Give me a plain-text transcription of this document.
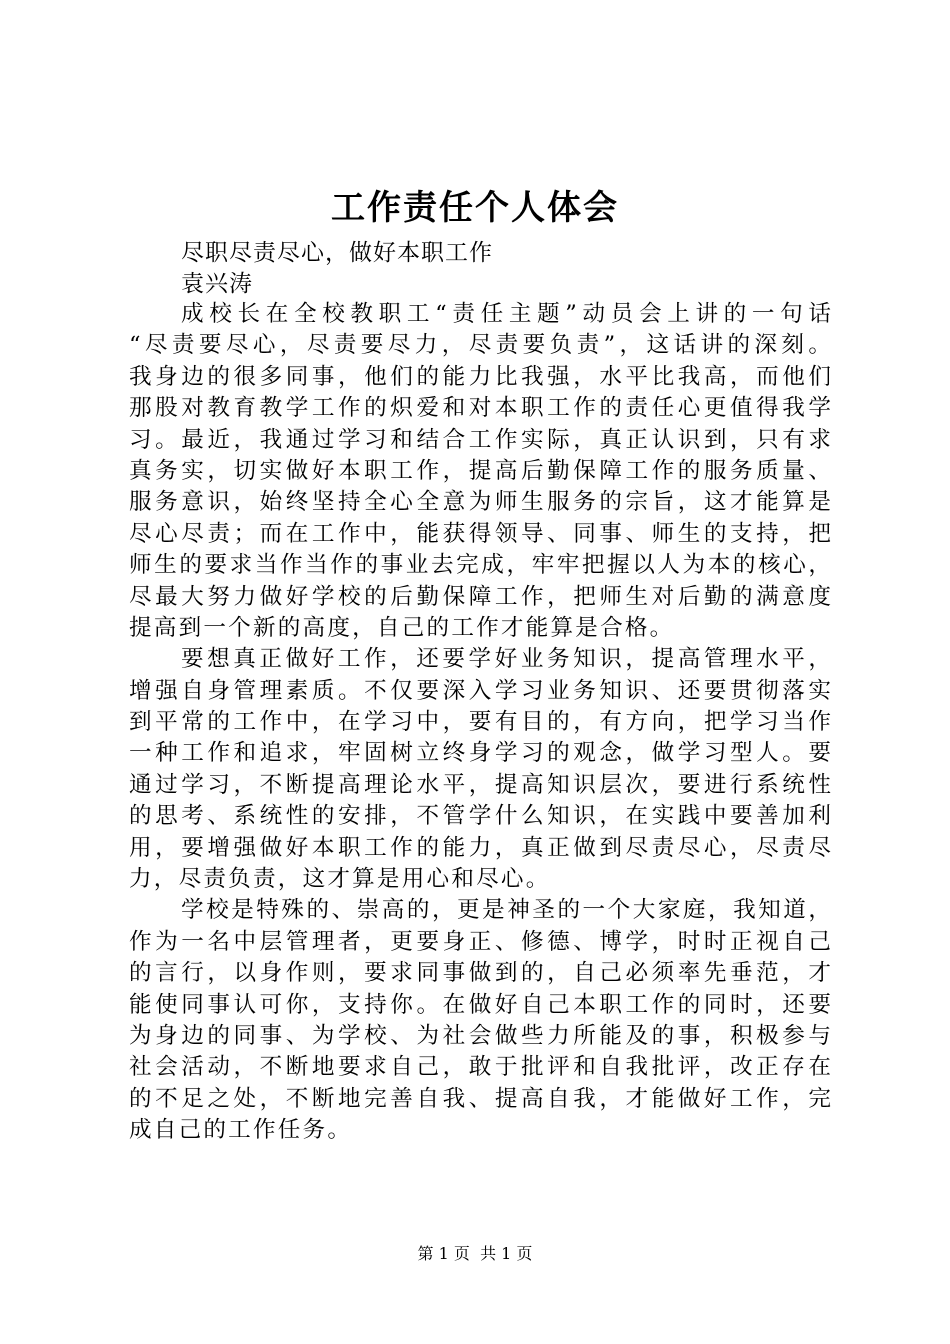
工作责任个人体会
尽职尽责尽心，做好本职工作
袁兴涛
成校长在全校教职工“责任主题”动员会上讲的一句话
“尽责要尽心，尽责要尽力，尽责要负责”，这话讲的深刻。
我身边的很多同事，他们的能力比我强，水平比我高，而他们
那股对教育教学工作的炽爱和对本职工作的责任心更值得我学
习。最近，我通过学习和结合工作实际，真正认识到，只有求
真务实，切实做好本职工作，提高后勤保障工作的服务质量、
服务意识，始终坚持全心全意为师生服务的宗旨，这才能算是
尽心尽责；而在工作中，能获得领导、同事、师生的支持，把
师生的要求当作当作的事业去完成，牢牢把握以人为本的核心，
尽最大努力做好学校的后勤保障工作，把师生对后勤的满意度
提高到一个新的高度，自己的工作才能算是合格。
要想真正做好工作，还要学好业务知识，提高管理水平，
增强自身管理素质。不仅要深入学习业务知识、还要贯彻落实
到平常的工作中，在学习中，要有目的，有方向，把学习当作
一种工作和追求，牢固树立终身学习的观念，做学习型人。要
通过学习，不断提高理论水平，提高知识层次，要进行系统性
的思考、系统性的安排，不管学什么知识，在实践中要善加利
用，要增强做好本职工作的能力，真正做到尽责尽心，尽责尽
力，尽责负责，这才算是用心和尽心。
学校是特殊的、崇高的，更是神圣的一个大家庭，我知道，
作为一名中层管理者，更要身正、修德、博学，时时正视自己
的言行，以身作则，要求同事做到的，自己必须率先垂范，才
能使同事认可你，支持你。在做好自己本职工作的同时，还要
为身边的同事、为学校、为社会做些力所能及的事，积极参与
社会活动，不断地要求自己，敢于批评和自我批评，改正存在
的不足之处，不断地完善自我、提高自我，才能做好工作，完
成自己的工作任务。
第 1 页  共 1 页
